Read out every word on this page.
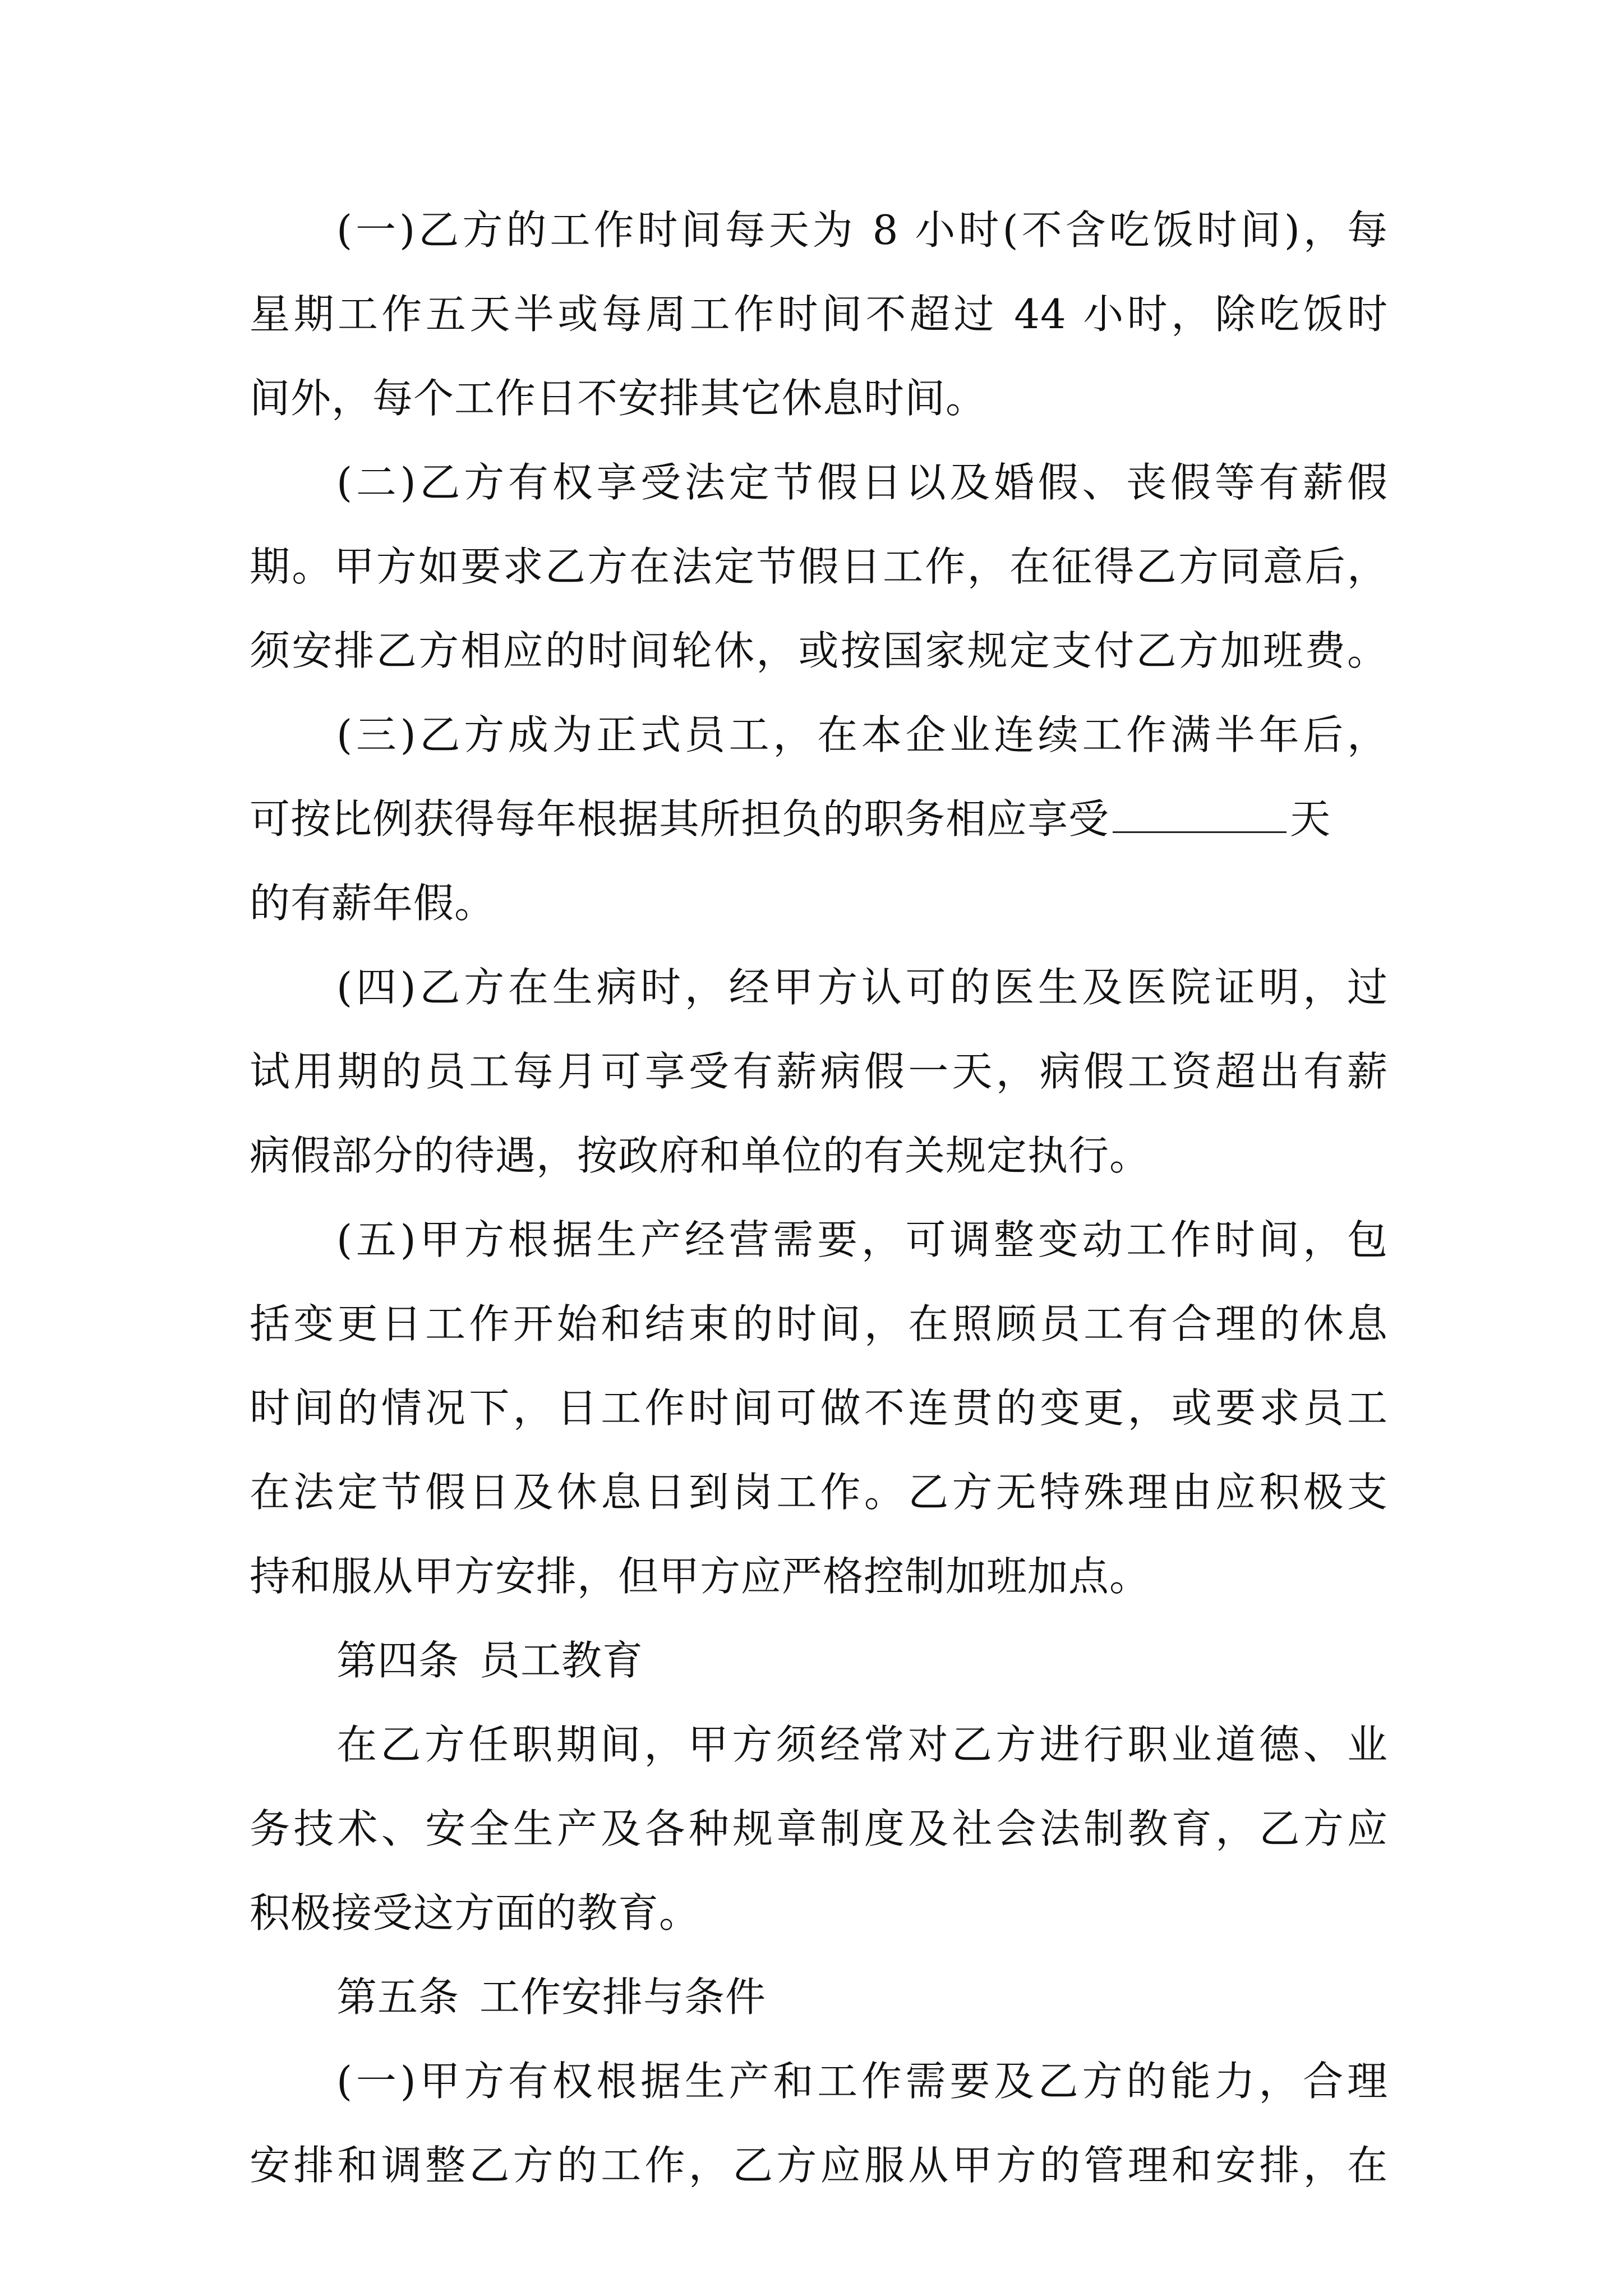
(一)乙方的工作时间每天为 8 小时(不含吃饭时间)，每
星期工作五天半或每周工作时间不超过 44 小时，除吃饭时
间外，每个工作日不安排其它休息时间。
(二)乙方有权享受法定节假日以及婚假、丧假等有薪假
期。甲方如要求乙方在法定节假日工作，在征得乙方同意后，
须安排乙方相应的时间轮休，或按国家规定支付乙方加班费。
(三)乙方成为正式员工，在本企业连续工作满半年后，
可按比例获得每年根据其所担负的职务相应享受	天
的有薪年假。
(四)乙方在生病时，经甲方认可的医生及医院证明，过
试用期的员工每月可享受有薪病假一天，病假工资超出有薪
病假部分的待遇，按政府和单位的有关规定执行。
(五)甲方根据生产经营需要，可调整变动工作时间，包
括变更日工作开始和结束的时间，在照顾员工有合理的休息
时间的情况下，日工作时间可做不连贯的变更，或要求员工
在法定节假日及休息日到岗工作。乙方无特殊理由应积极支
持和服从甲方安排，但甲方应严格控制加班加点。
第四条 员工教育
在乙方任职期间，甲方须经常对乙方进行职业道德、业
务技术、安全生产及各种规章制度及社会法制教育，乙方应
积极接受这方面的教育。
第五条 工作安排与条件
(一)甲方有权根据生产和工作需要及乙方的能力，合理
安排和调整乙方的工作，乙方应服从甲方的管理和安排，在
